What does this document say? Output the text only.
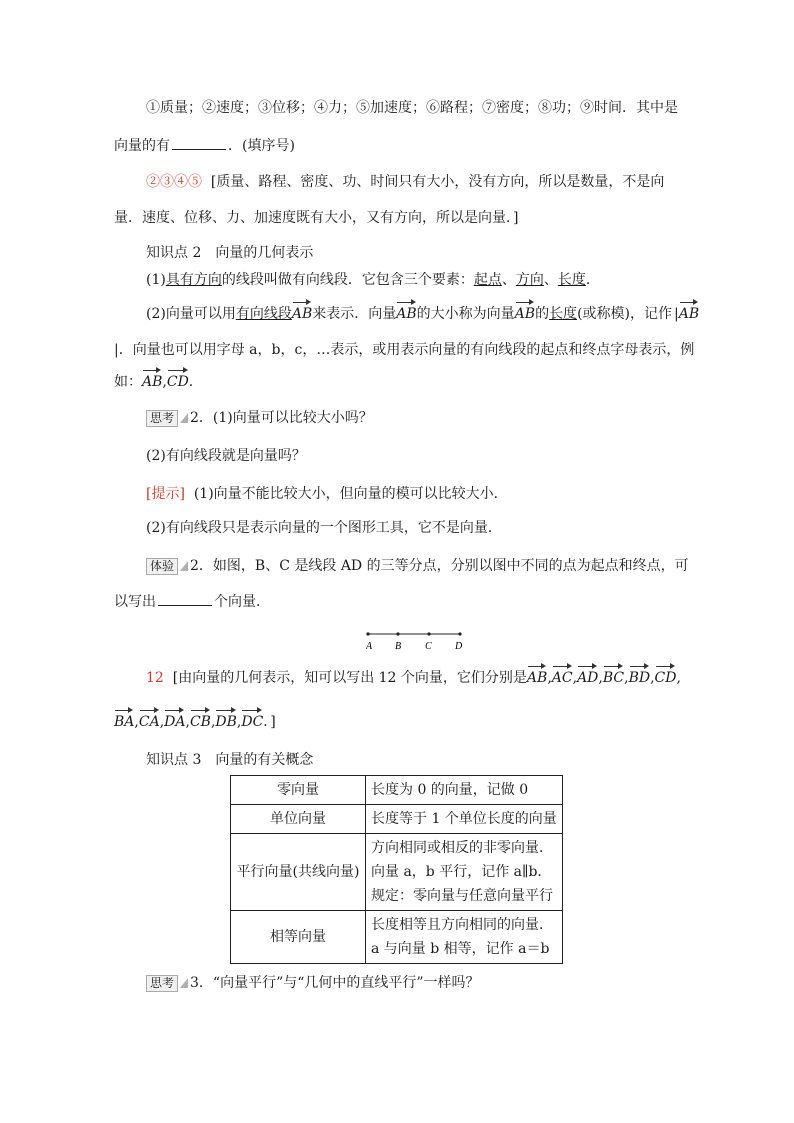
①质量；②速度；③位移；④力；⑤加速度；⑥路程；⑦密度；⑧功；⑨时间．其中是
向量的有	．(填序号)
②③④⑤ [质量、路程、密度、功、时间只有大小，没有方向，所以是数量，不是向
量．速度、位移、力、加速度既有大小，又有方向，所以是向量．]
知识点 2　向量的几何表示
(1)具有方向的线段叫做有向线段．它包含三个要素：起点、方向、长度．
(2)向量可以用有向线段AB来表示．向量AB的大小称为向量AB的长度(或称模)，记作 |AB
|．向量也可以用字母 a，b，c，…表示，或用表示向量的有向线段的起点和终点字母表示，例
如：AB,CD.
思考 2．(1)向量可以比较大小吗？
(2)有向线段就是向量吗？
[提示] (1)向量不能比较大小，但向量的模可以比较大小．
(2)有向线段只是表示向量的一个图形工具，它不是向量．
体验 2．如图，B、C 是线段 AD 的三等分点，分别以图中不同的点为起点和终点，可
以写出	个向量．
A B C D
12 [由向量的几何表示，知可以写出 12 个向量，它们分别是AB,AC,AD,BC,BD,CD,
BA,CA,DA,CB,DB,DC．]
知识点 3　向量的有关概念
零向量	长度为 0 的向量，记做 0
单位向量	长度等于 1 个单位长度的向量
平行向量(共线向量)	方向相同或相反的非零向量．
向量 a，b 平行，记作 a∥b．
规定：零向量与任意向量平行

相等向量	长度相等且方向相同的向量．
a 与向量 b 相等，记作 a＝b
思考 3．“向量平行”与“几何中的直线平行”一样吗？
